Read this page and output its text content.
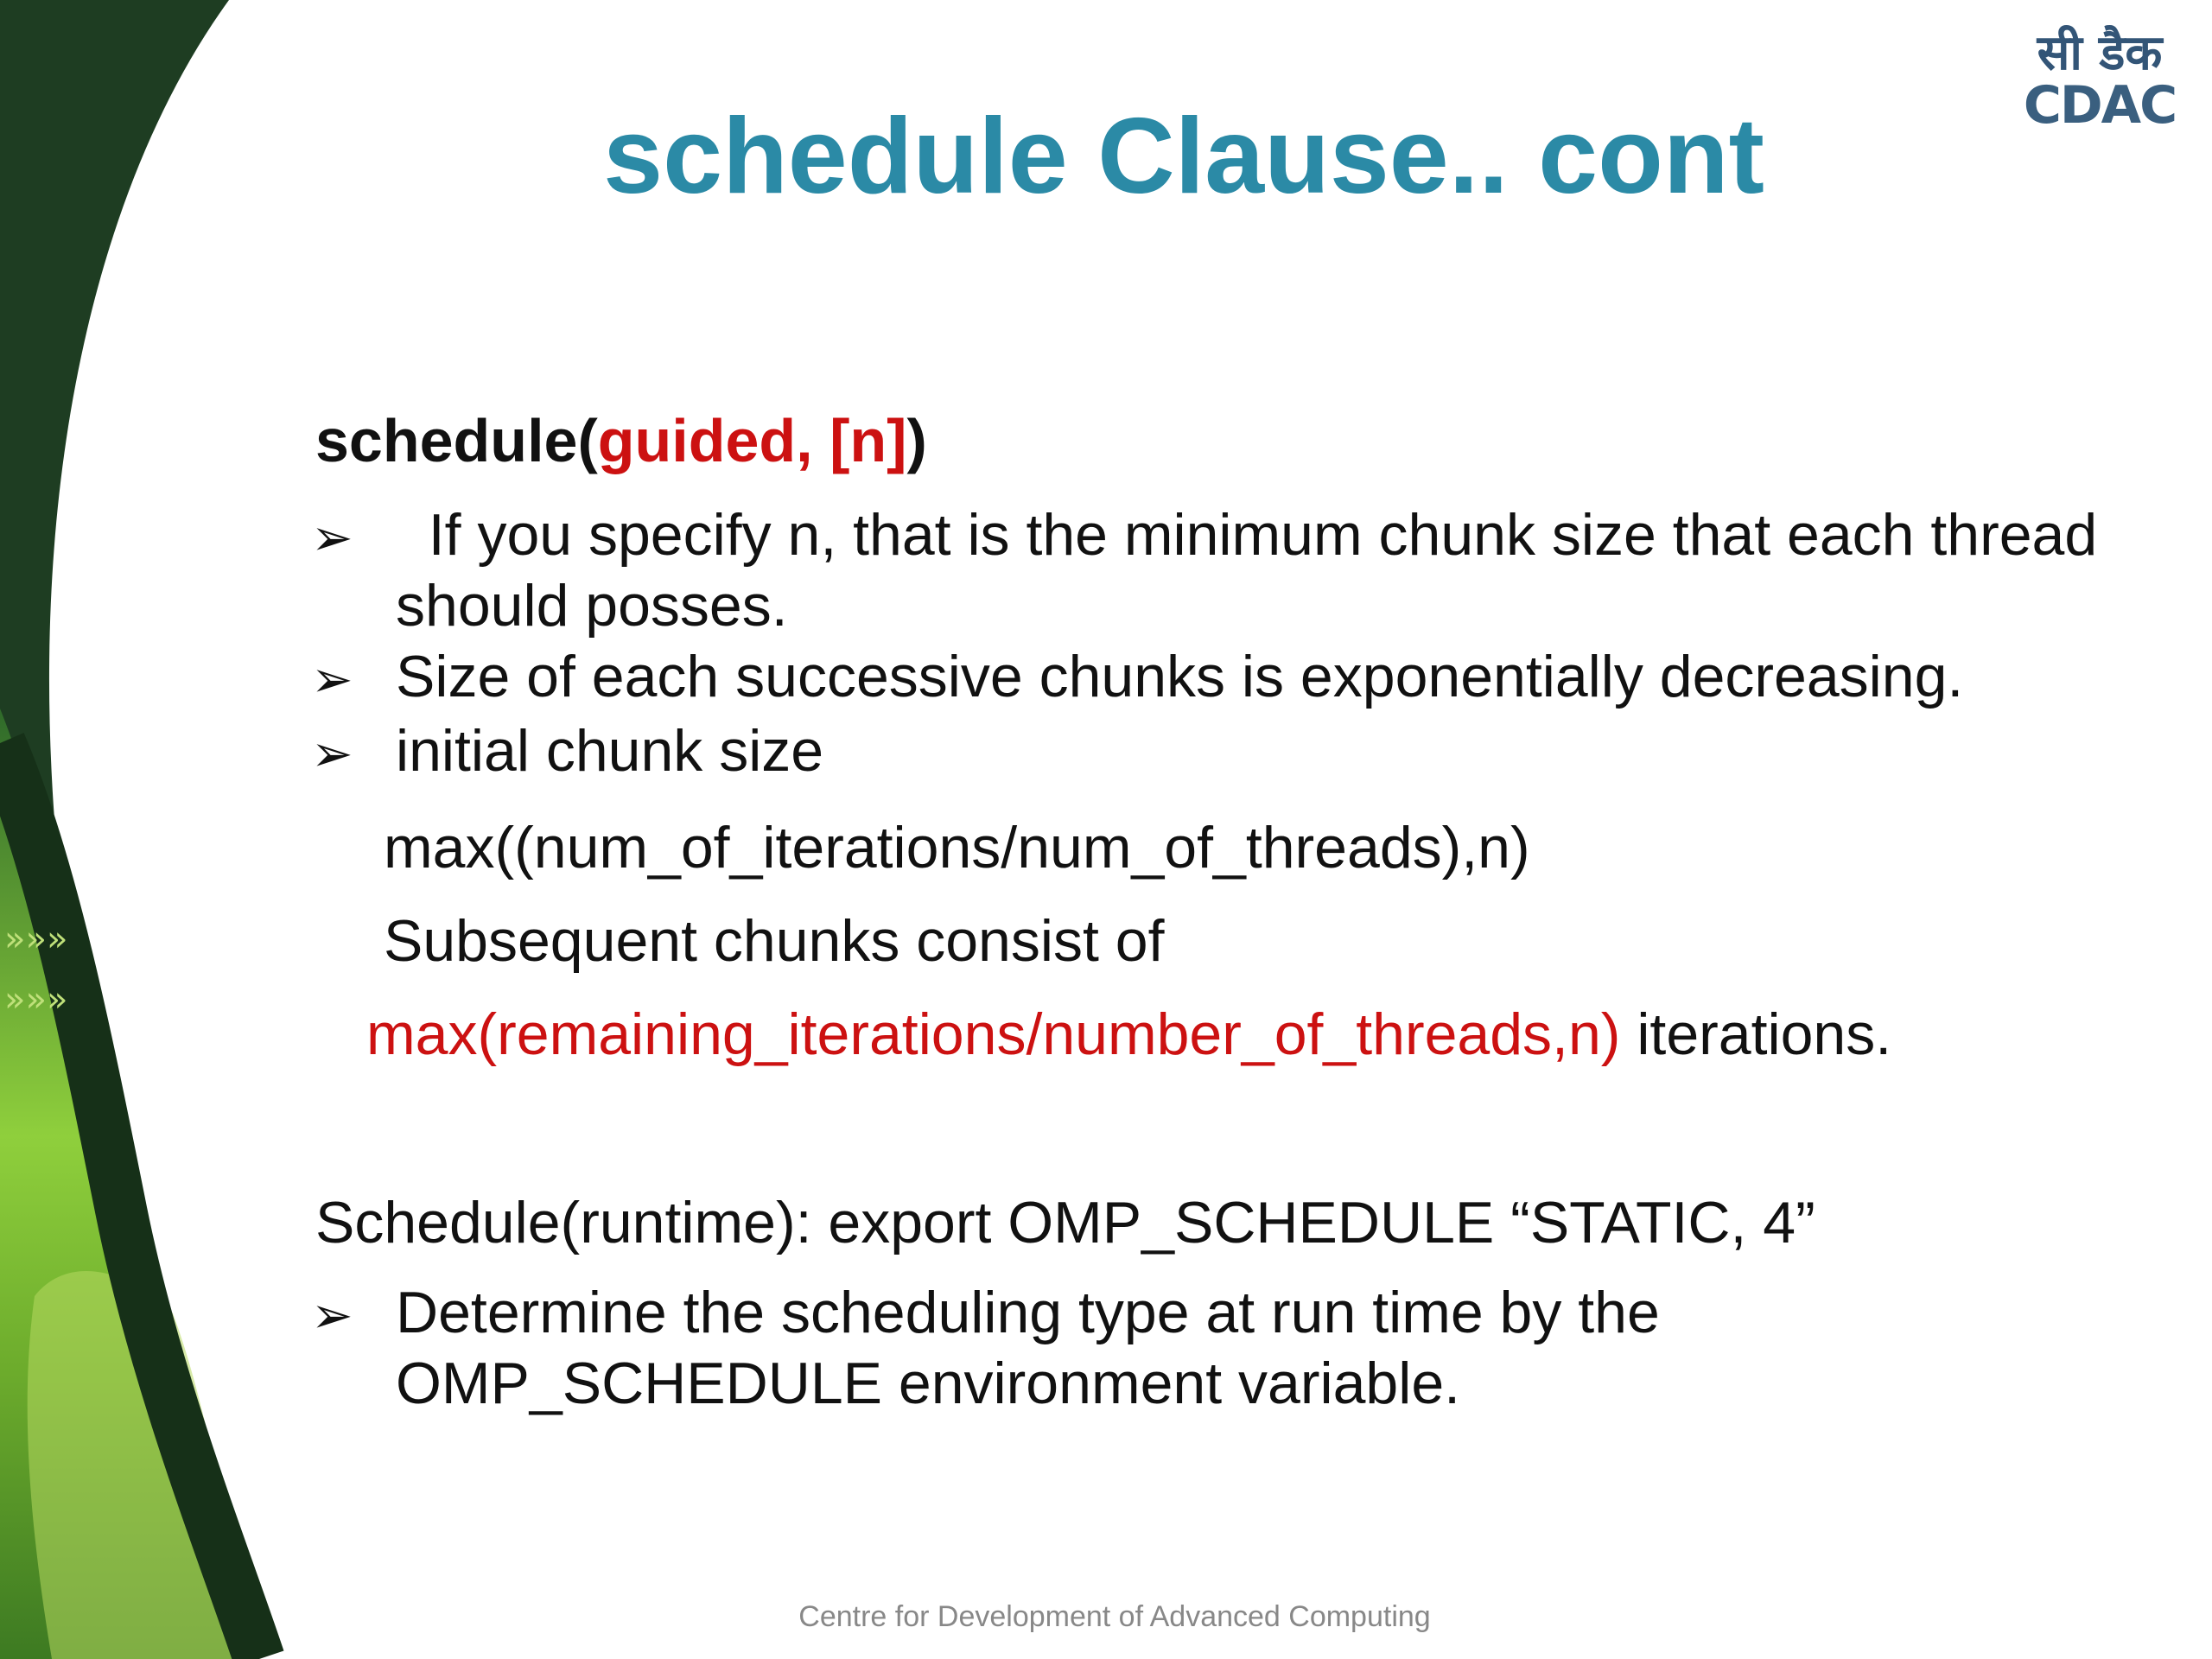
»»»
»»»
सी डैक
CDAC
schedule Clause.. cont
schedule(guided, [n])
➢  If you specify n, that is the minimum chunk size that each thread
should posses.
➢ Size of each successive chunks is exponentially decreasing.
➢ initial chunk size
max((num_of_iterations/num_of_threads),n)
Subsequent chunks consist of
max(remaining_iterations/number_of_threads,n) iterations.
Schedule(runtime): export OMP_SCHEDULE “STATIC, 4”
➢ Determine the scheduling type at run time by the
OMP_SCHEDULE environment variable.
Centre for Development of Advanced Computing
